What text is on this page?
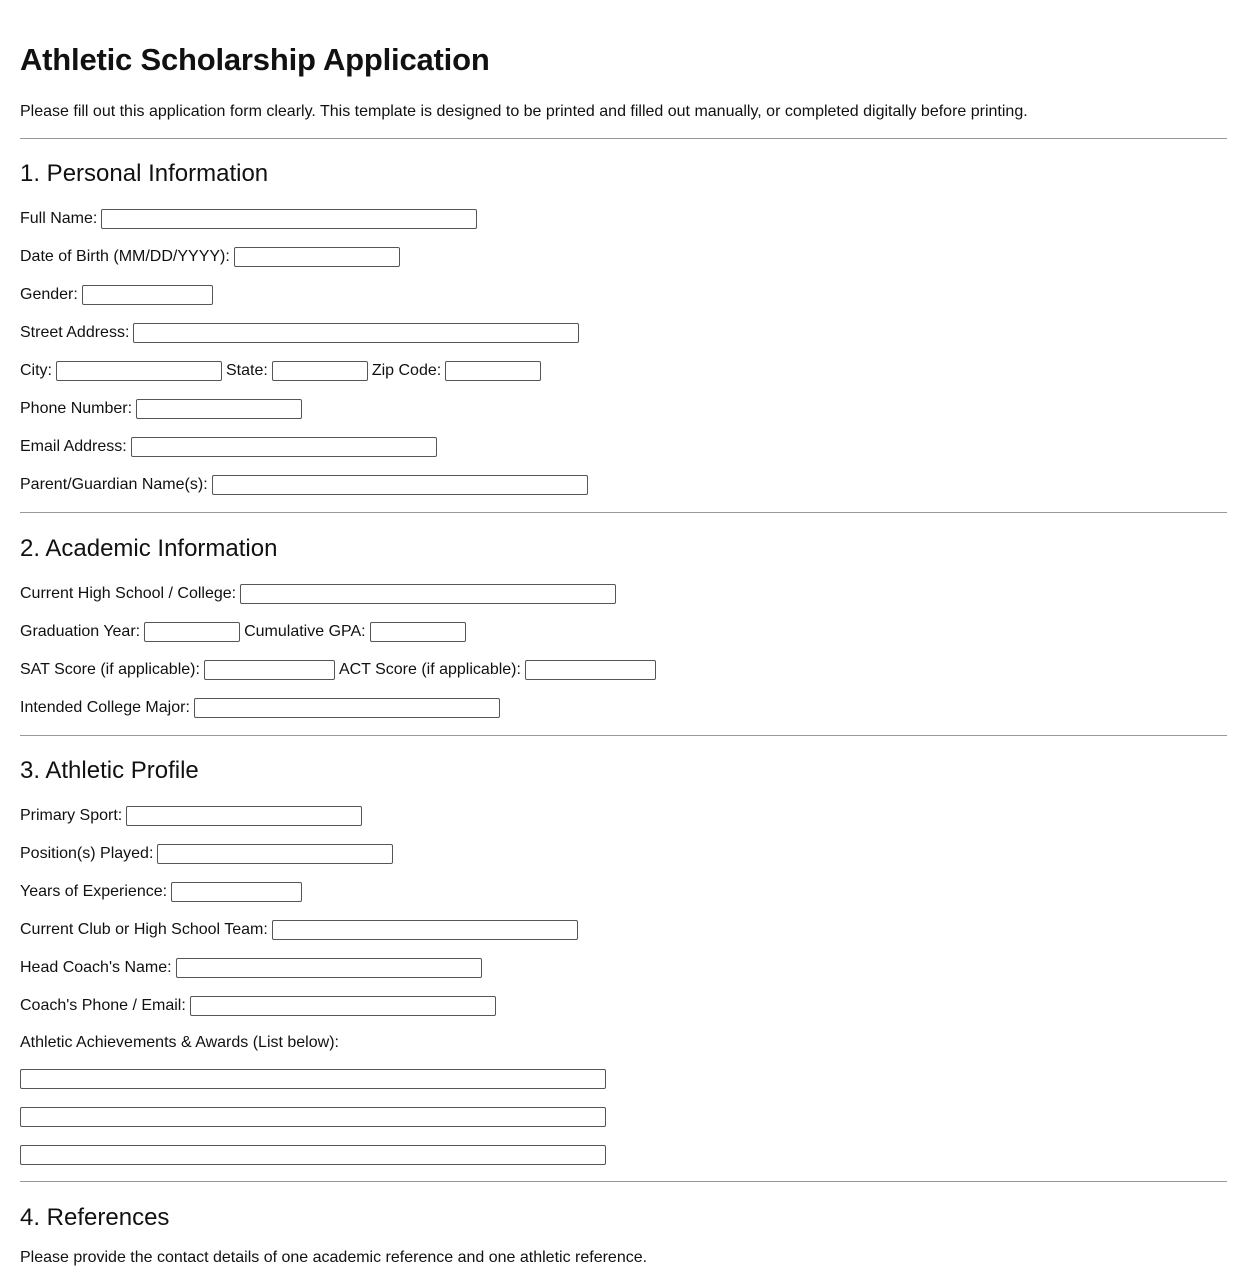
Athletic Scholarship Application

Please fill out this application form clearly. This template is designed to be printed and filled out manually, or completed digitally before printing.

1. Personal Information
Full Name:
Date of Birth (MM/DD/YYYY):
Gender:
Street Address:
City:	State:	Zip Code:
Phone Number:
Email Address:
Parent/Guardian Name(s):
2. Academic Information
Current High School / College:
Graduation Year:	Cumulative GPA:
SAT Score (if applicable):	ACT Score (if applicable):
Intended College Major:
3. Athletic Profile
Primary Sport:
Position(s) Played:
Years of Experience:
Current Club or High School Team:
Head Coach's Name:
Coach's Phone / Email:
Athletic Achievements & Awards (List below):
4. References
Please provide the contact details of one academic reference and one athletic reference.
